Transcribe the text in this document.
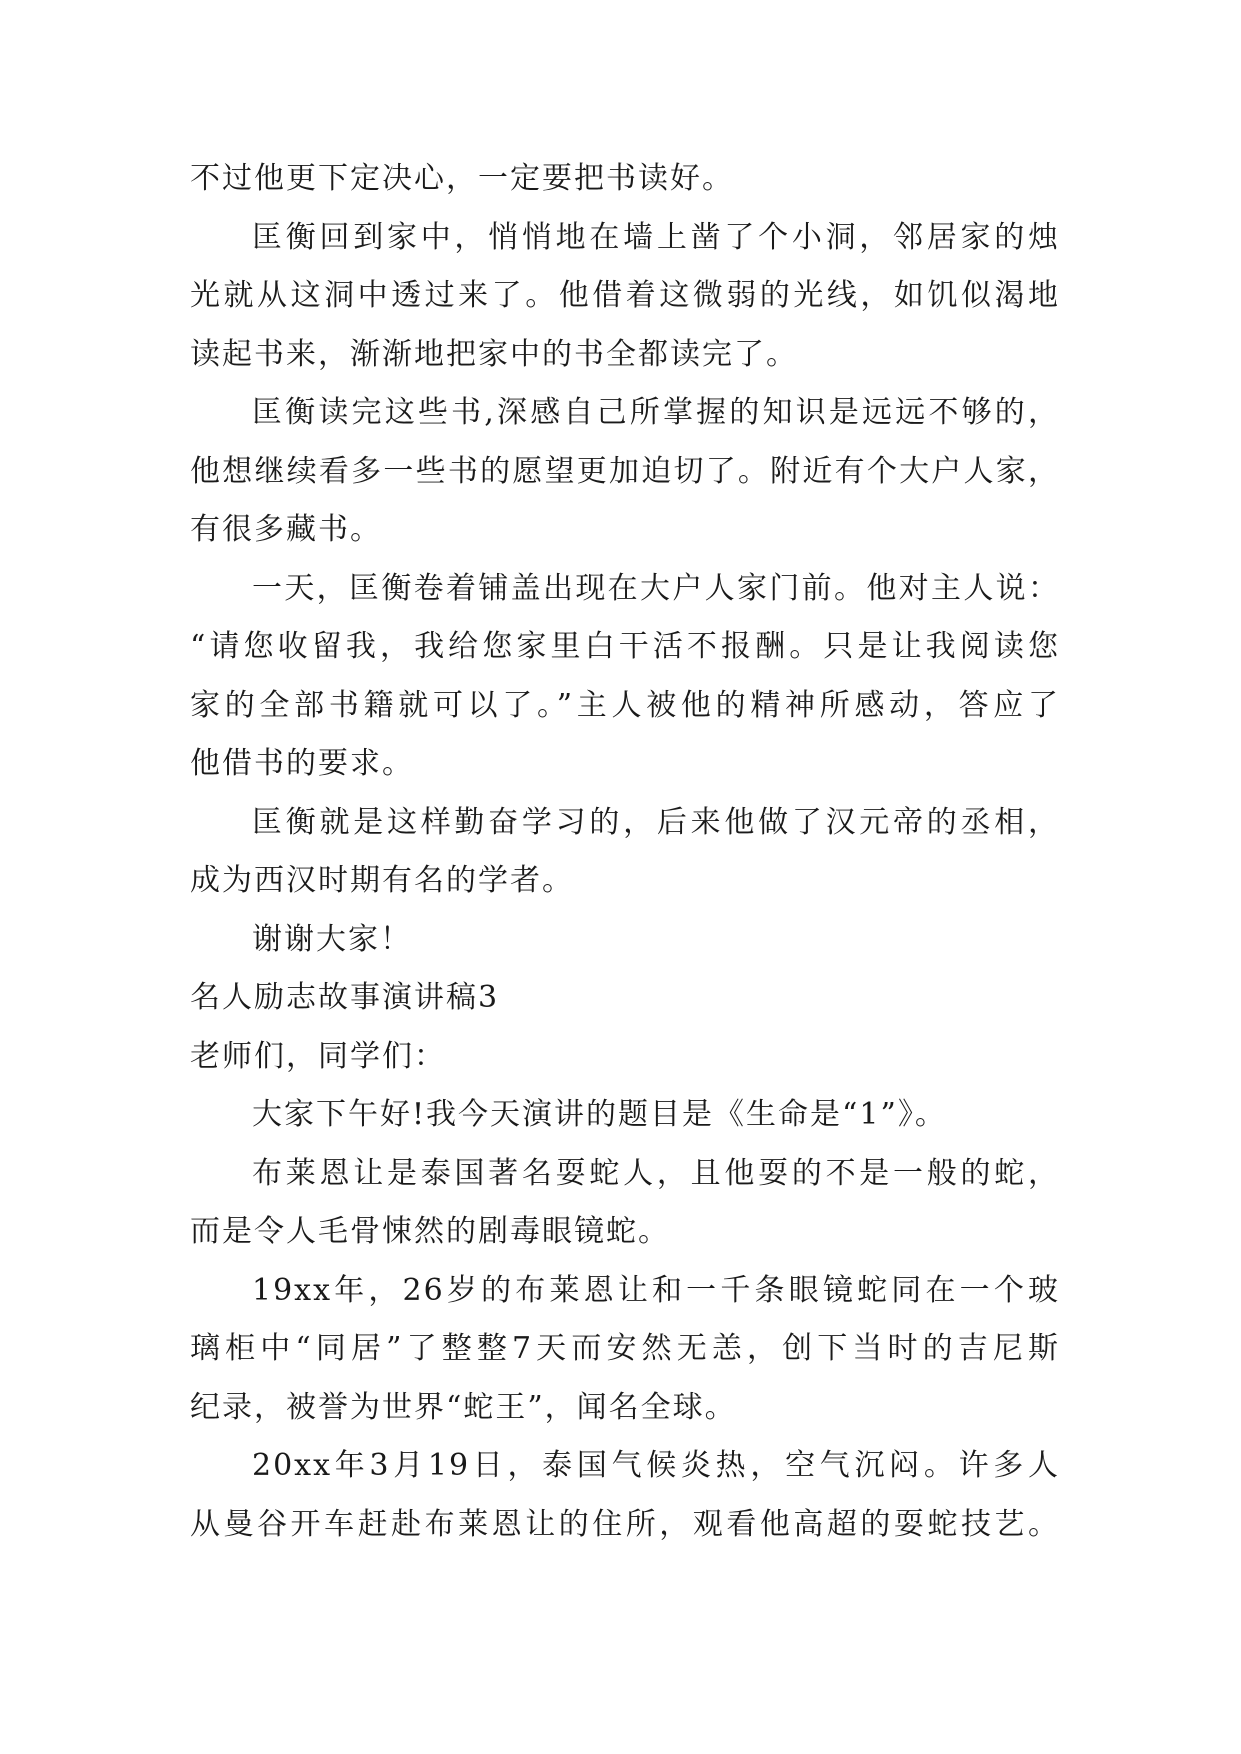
不过他更下定决心，一定要把书读好。
匡衡回到家中，悄悄地在墙上凿了个小洞，邻居家的烛
光就从这洞中透过来了。他借着这微弱的光线，如饥似渴地
读起书来，渐渐地把家中的书全都读完了。
匡衡读完这些书,深感自己所掌握的知识是远远不够的，
他想继续看多一些书的愿望更加迫切了。附近有个大户人家，
有很多藏书。
一天，匡衡卷着铺盖出现在大户人家门前。他对主人说：
“请您收留我，我给您家里白干活不报酬。只是让我阅读您
家的全部书籍就可以了。”主人被他的精神所感动，答应了
他借书的要求。
匡衡就是这样勤奋学习的，后来他做了汉元帝的丞相，
成为西汉时期有名的学者。
谢谢大家！
名人励志故事演讲稿3
老师们，同学们：
大家下午好!我今天演讲的题目是《生命是“1”》。
布莱恩让是泰国著名耍蛇人，且他耍的不是一般的蛇，
而是令人毛骨悚然的剧毒眼镜蛇。
19xx年，26岁的布莱恩让和一千条眼镜蛇同在一个玻
璃柜中“同居”了整整7天而安然无恙，创下当时的吉尼斯
纪录，被誉为世界“蛇王”，闻名全球。
20xx年3月19日，泰国气候炎热，空气沉闷。许多人
从曼谷开车赶赴布莱恩让的住所，观看他高超的耍蛇技艺。
